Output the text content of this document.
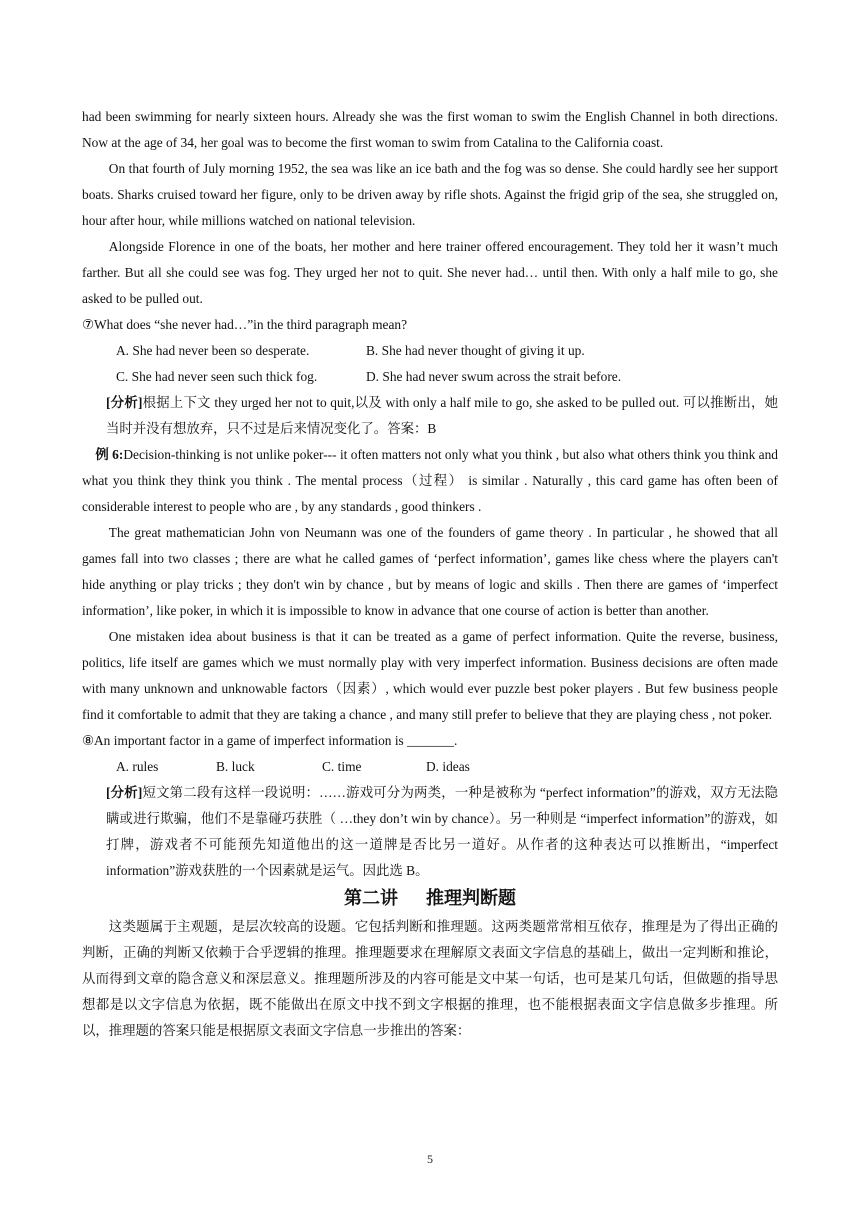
had been swimming for nearly sixteen hours. Already she was the first woman to swim the English Channel in both directions. Now at the age of 34, her goal was to become the first woman to swim from Catalina to the California coast.

On that fourth of July morning 1952, the sea was like an ice bath and the fog was so dense. She could hardly see her support boats. Sharks cruised toward her figure, only to be driven away by rifle shots. Against the frigid grip of the sea, she struggled on, hour after hour, while millions watched on national television.

Alongside Florence in one of the boats, her mother and here trainer offered encouragement. They told her it wasn’t much farther. But all she could see was fog. They urged her not to quit. She never had… until then. With only a half mile to go, she asked to be pulled out.

⑦What does “she never had…”in the third paragraph mean?

A. She had never been so desperate.	B. She had never thought of giving it up.

C. She had never seen such thick fog.	D. She had never swum across the strait before.

[分析]根据上下文 they urged her not to quit,以及 with only a half mile to go, she asked to be pulled out. 可以推断出，她当时并没有想放弃，只不过是后来情况变化了。答案：B

例 6:Decision-thinking is not unlike poker--- it often matters not only what you think , but also what others think you think and what you think they think you think . The mental process（过程） is similar . Naturally , this card game has often been of considerable interest to people who are , by any standards , good thinkers .

The great mathematician John von Neumann was one of the founders of game theory . In particular , he showed that all games fall into two classes ; there are what he called games of ‘perfect information’, games like chess where the players can't hide anything or play tricks ; they don't win by chance , but by means of logic and skills . Then there are games of ‘imperfect information’, like poker, in which it is impossible to know in advance that one course of action is better than another.

One mistaken idea about business is that it can be treated as a game of perfect information. Quite the reverse, business, politics, life itself are games which we must normally play with very imperfect information. Business decisions are often made with many unknown and unknowable factors（因素）, which would ever puzzle best poker players . But few business people find it comfortable to admit that they are taking a chance , and many still prefer to believe that they are playing chess , not poker.

⑧An important factor in a game of imperfect information is _______.

A. rules	B. luck	C. time	D. ideas

[分析]短文第二段有这样一段说明：……游戏可分为两类，一种是被称为 “perfect information”的游戏，双方无法隐瞒或进行欺骗，他们不是靠碰巧获胜（ …they don’t win by chance）。另一种则是 “imperfect information”的游戏，如打牌，游戏者不可能预先知道他出的这一道牌是否比另一道好。从作者的这种表达可以推断出，“imperfect information”游戏获胜的一个因素就是运气。因此选 B。

第二讲 推理判断题

这类题属于主观题，是层次较高的设题。它包括判断和推理题。这两类题常常相互依存，推理是为了得出正确的判断，正确的判断又依赖于合乎逻辑的推理。推理题要求在理解原文表面文字信息的基础上，做出一定判断和推论，从而得到文章的隐含意义和深层意义。推理题所涉及的内容可能是文中某一句话，也可是某几句话，但做题的指导思想都是以文字信息为依据，既不能做出在原文中找不到文字根据的推理，也不能根据表面文字信息做多步推理。所以，推理题的答案只能是根据原文表面文字信息一步推出的答案：

5
